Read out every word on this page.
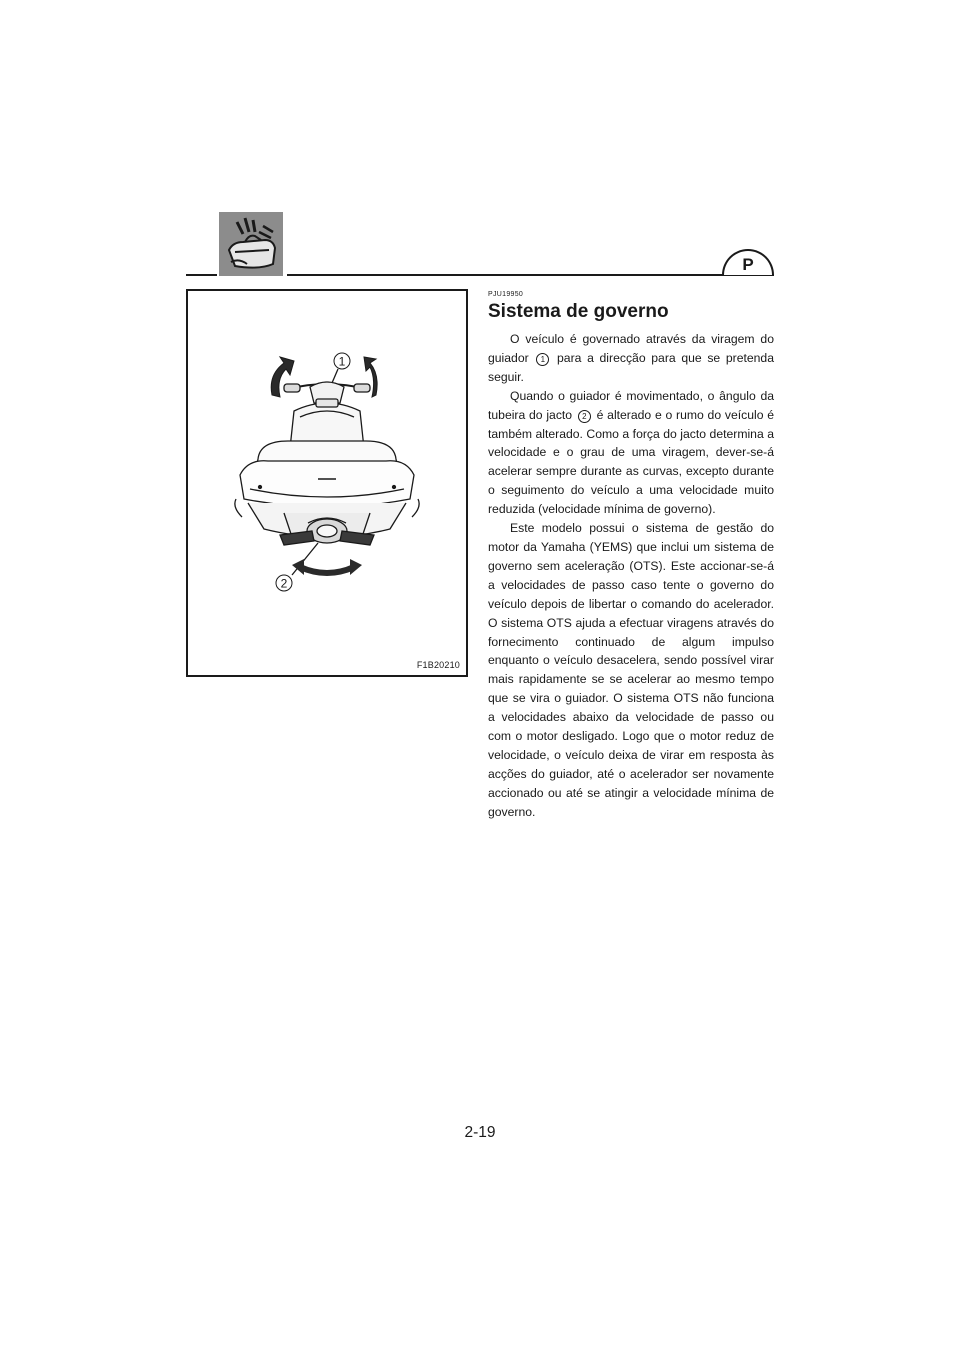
P
1
2
F1B20210
PJU19950
Sistema de governo

O veículo é governado através da viragem do guiador 1 para a direcção para que se pretenda seguir.

Quando o guiador é movimentado, o ângulo da tubeira do jacto 2 é alterado e o rumo do veículo é também alterado. Como a força do jacto determina a velocidade e o grau de uma viragem, dever-se-á acelerar sempre durante as curvas, excepto durante o seguimento do veículo a uma velocidade muito reduzida (velocidade mínima de governo).

Este modelo possui o sistema de gestão do motor da Yamaha (YEMS) que inclui um sistema de governo sem aceleração (OTS). Este accionar-se-á a velocidades de passo caso tente o governo do veículo depois de libertar o comando do acelerador. O sistema OTS ajuda a efectuar viragens através do fornecimento continuado de algum impulso enquanto o veículo desacelera, sendo possível virar mais rapidamente se se acelerar ao mesmo tempo que se vira o guiador. O sistema OTS não funciona a velocidades abaixo da velocidade de passo ou com o motor desligado. Logo que o motor reduz de velocidade, o veículo deixa de virar em resposta às acções do guiador, até o acelerador ser novamente accionado ou até se atingir a velocidade mínima de governo.

2-19
